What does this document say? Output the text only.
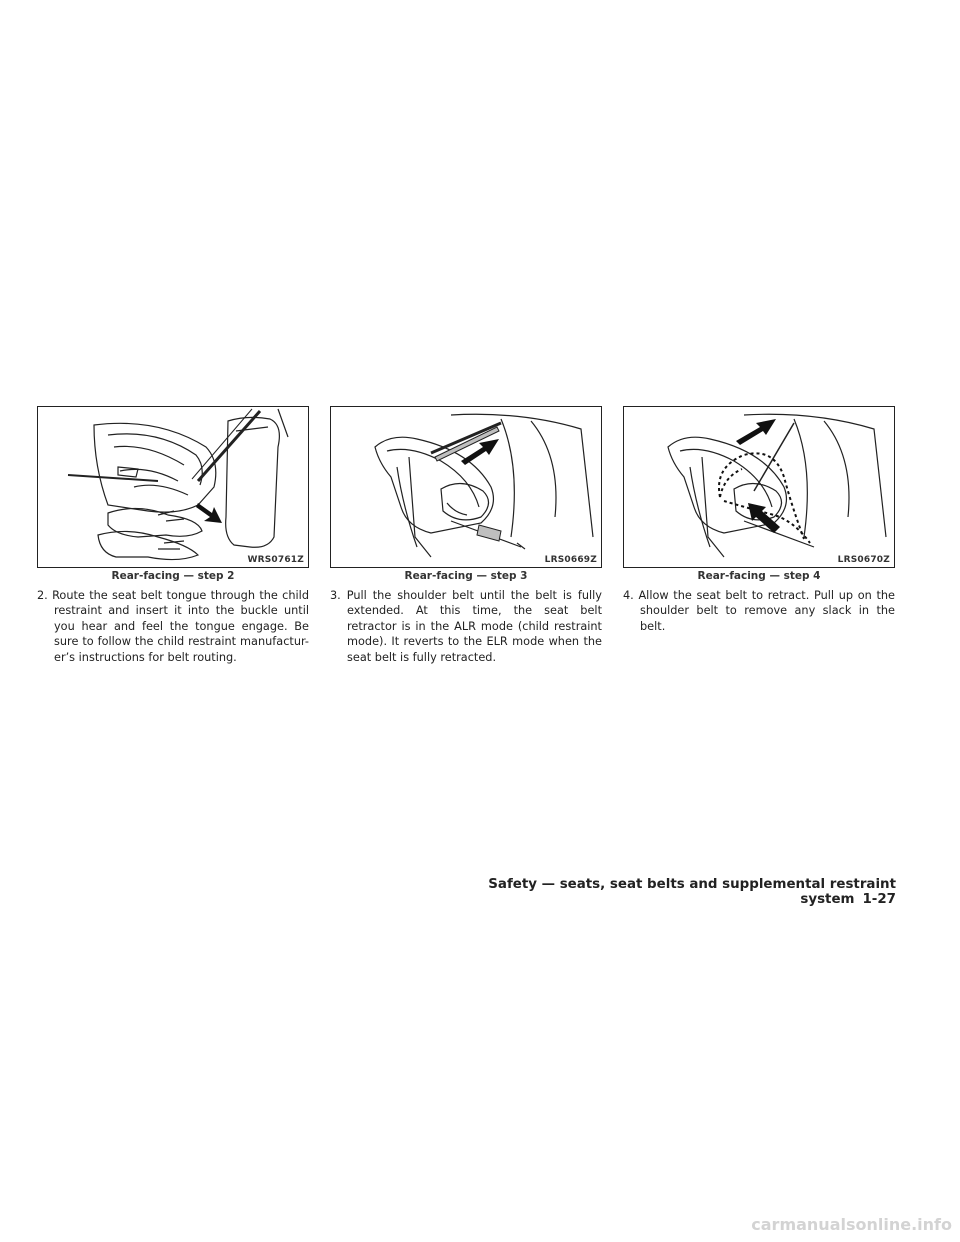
WRS0761Z
Rear-facing — step 2

2. Route the seat belt tongue through the child restraint and insert it into the buckle until you hear and feel the tongue engage. Be sure to follow the child restraint manufactur-er’s instructions for belt routing.

LRS0669Z
Rear-facing — step 3

3. Pull the shoulder belt until the belt is fully extended. At this time, the seat belt retractor is in the ALR mode (child restraint mode). It reverts to the ELR mode when the seat belt is fully retracted.

LRS0670Z
Rear-facing — step 4

4. Allow the seat belt to retract. Pull up on the shoulder belt to remove any slack in the belt.

Safety — seats, seat belts and supplemental restraint system 1-27
carmanualsonline.info
